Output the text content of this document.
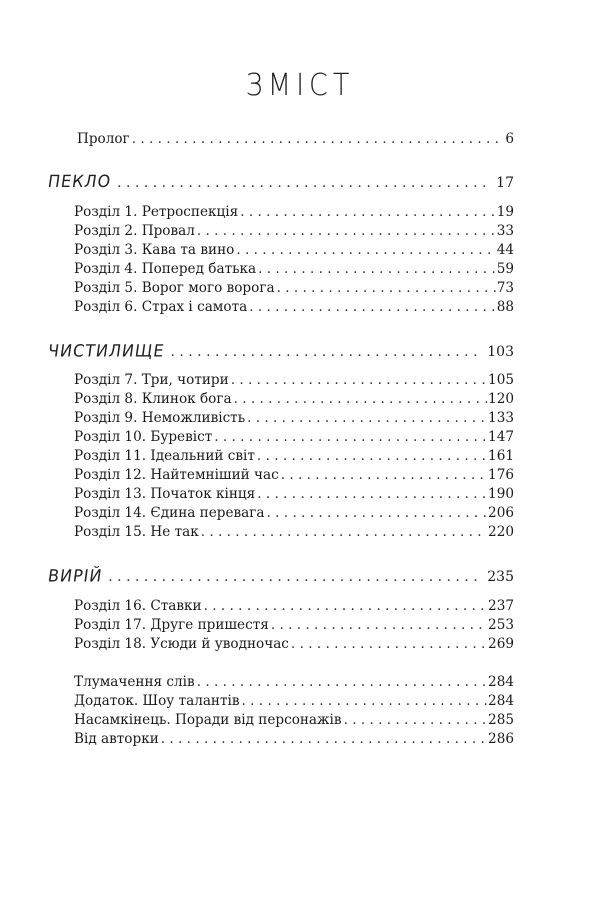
ЗМІСТ
Пролог . . .	6
ПЕКЛО . . .	17
Розділ 1. Ретроспекція . . .	19
Розділ 2. Провал . . .	33
Розділ 3. Кава та вино . . .	44
Розділ 4. Поперед батька . . .	59
Розділ 5. Ворог мого ворога . . .	73
Розділ 6. Страх і самота . . .	88
ЧИСТИЛИЩЕ . . .	103
Розділ 7. Три, чотири . . .	105
Розділ 8. Клинок бога . . .	120
Розділ 9. Неможливість . . .	133
Розділ 10. Буревіст . . .	147
Розділ 11. Ідеальний світ . . .	161
Розділ 12. Найтемніший час . . .	176
Розділ 13. Початок кінця . . .	190
Розділ 14. Єдина перевага . . .	206
Розділ 15. Не так . . .	220
ВИРІЙ . . .	235
Розділ 16. Ставки . . .	237
Розділ 17. Друге пришестя . . .	253
Розділ 18. Усюди й уводночас . . .	269
Тлумачення слів . . .	284
Додаток. Шоу талантів . . .	284
Насамкінець. Поради від персонажів . . .	285
Від авторки . . .	286
